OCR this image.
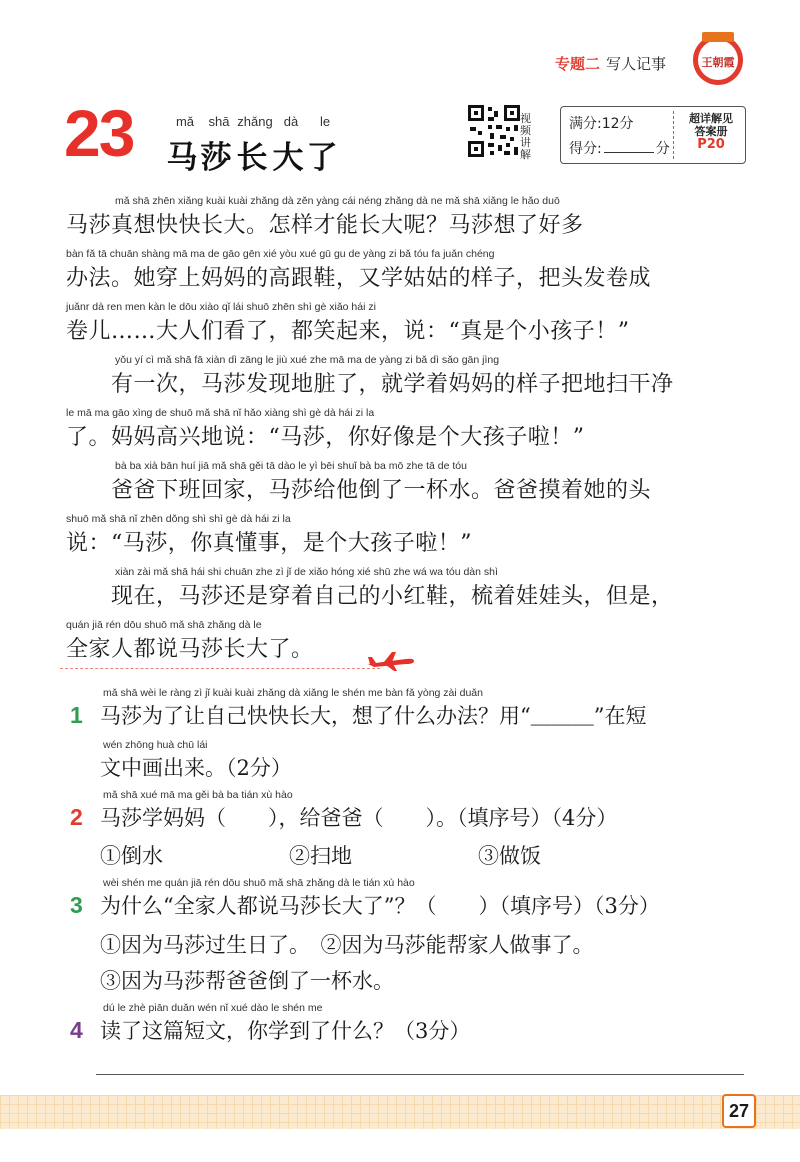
专题二 写人记事	王朝霞
23	mǎ shā zhǎng dà le
马莎 长 大了
视频讲解
满分:12分
得分:	分
超详解见
答案册
P20
mǎ shā zhēn xiǎng kuài kuài zhǎng dà zěn yàng cái néng zhǎng dà ne mǎ shā xiǎng le hǎo duō
马莎真想快快长大。怎样才能长大呢？马莎想了好多
bàn fǎ tā chuān shàng mā ma de gāo gēn xié yòu xué gū gu de yàng zi bǎ tóu fa juǎn chéng
办法。她穿上妈妈的高跟鞋，又学姑姑的样子，把头发卷成
juǎnr dà ren men kàn le dōu xiào qǐ lái shuō zhēn shì gè xiǎo hái zi
卷儿……大人们看了，都笑起来，说：“真是个小孩子！”
yǒu yí cì mǎ shā fā xiàn dì zāng le jiù xué zhe mā ma de yàng zi bǎ dì sǎo gān jìng
　　有一次，马莎发现地脏了，就学着妈妈的样子把地扫干净
le mā ma gāo xìng de shuō mǎ shā nǐ hǎo xiàng shì gè dà hái zi la
了。妈妈高兴地说：“马莎，你好像是个大孩子啦！”
bà ba xià bān huí jiā mǎ shā gěi tā dào le yì bēi shuǐ bà ba mō zhe tā de tóu
　　爸爸下班回家，马莎给他倒了一杯水。爸爸摸着她的头
shuō mǎ shā nǐ zhēn dǒng shì shì gè dà hái zi la
说：“马莎，你真懂事，是个大孩子啦！”
xiàn zài mǎ shā hái shi chuān zhe zì jǐ de xiǎo hóng xié shū zhe wá wa tóu dàn shì
　　现在，马莎还是穿着自己的小红鞋，梳着娃娃头，但是，
quán jiā rén dōu shuō mǎ shā zhǎng dà le
全家人都说马莎长大了。
1
mǎ shā wèi le ràng zì jǐ kuài kuài zhǎng dà xiǎng le shén me bàn fǎ yòng zài duǎn
马莎为了让自己快快长大，想了什么办法？用“＿＿＿”在短
wén zhōng huà chū lái
文中画出来。（2分）
2
mǎ shā xué mā ma gěi bà ba tián xù hào
马莎学妈妈（　　），给爸爸（　　）。（填序号）（4分）
①倒水　　　　　　②扫地　　　　　　③做饭
3
wèi shén me quán jiā rén dōu shuō mǎ shā zhǎng dà le tián xù hào
为什么“全家人都说马莎长大了”？（　　）（填序号）（3分）
①因为马莎过生日了。　②因为马莎能帮家人做事了。
③因为马莎帮爸爸倒了一杯水。
4
dú le zhè piān duǎn wén nǐ xué dào le shén me
读了这篇短文，你学到了什么？（3分）
27
